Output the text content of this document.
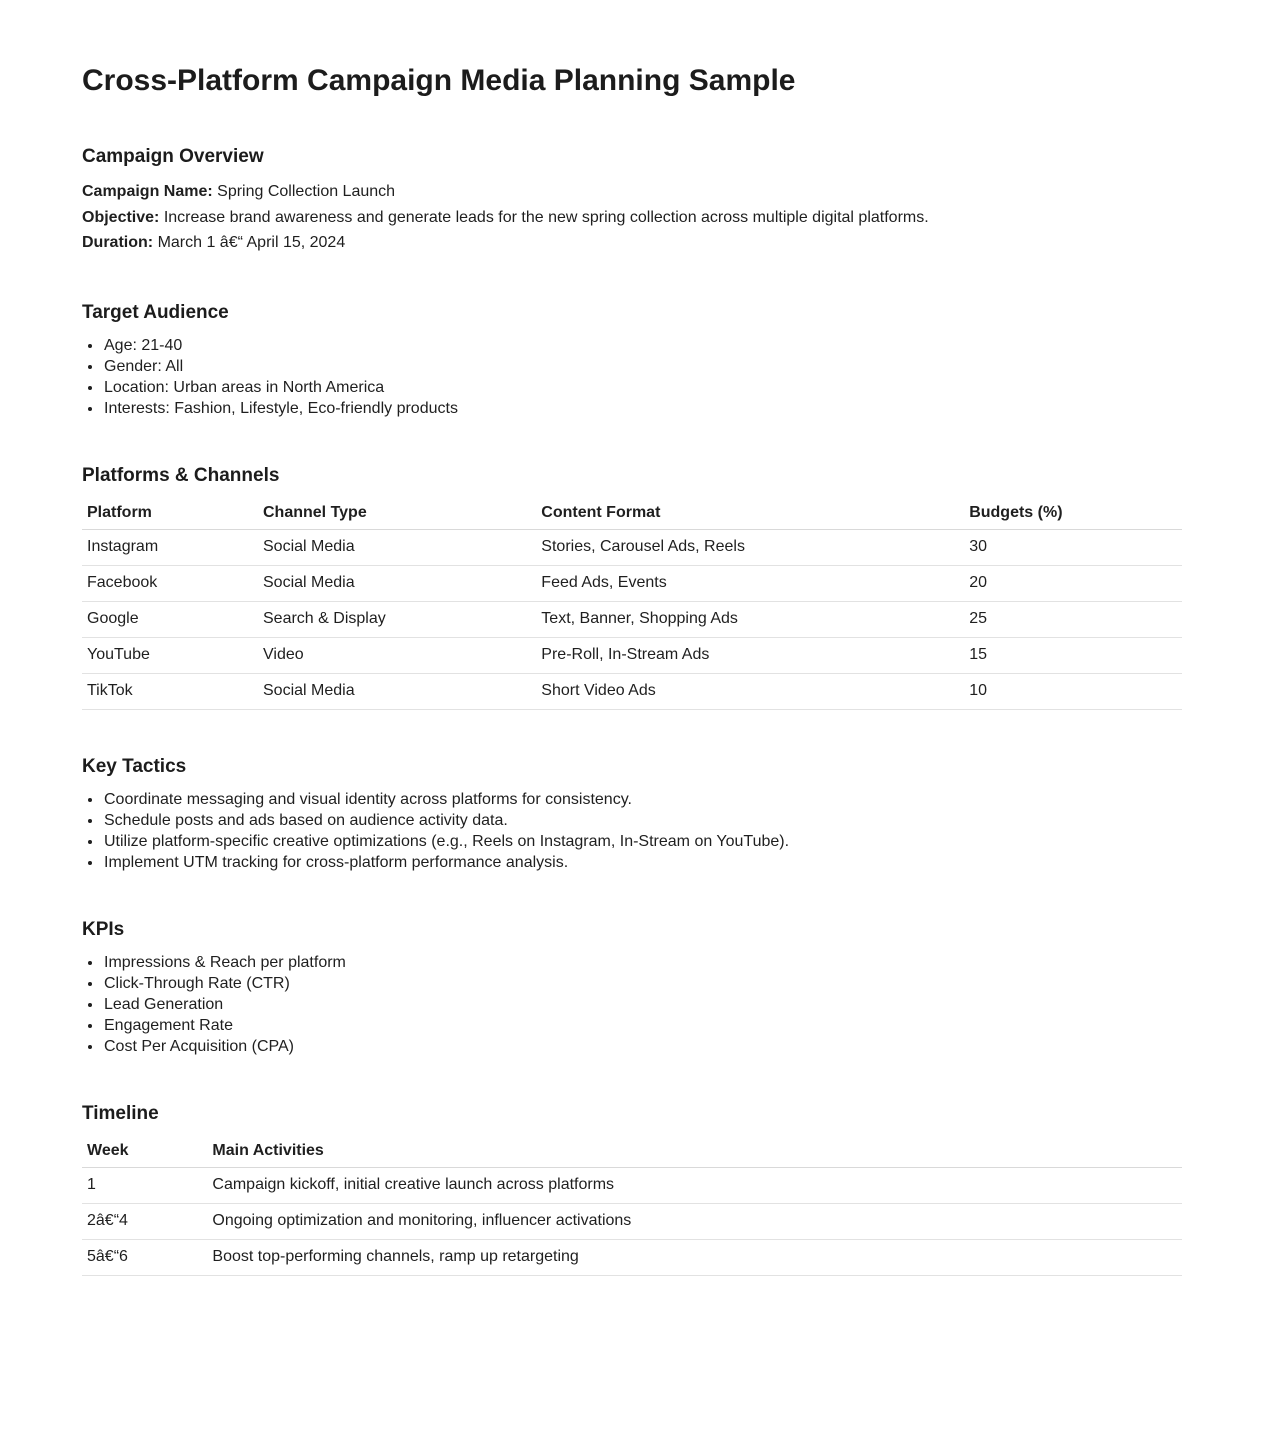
Cross-Platform Campaign Media Planning Sample
Campaign Overview

Campaign Name: Spring Collection Launch

Objective: Increase brand awareness and generate leads for the new spring collection across multiple digital platforms.

Duration: March 1 â€“ April 15, 2024

Target Audience
• Age: 21-40
• Gender: All
• Location: Urban areas in North America
• Interests: Fashion, Lifestyle, Eco-friendly products
Platforms & Channels
Platform	Channel Type	Content Format	Budgets (%)
Instagram	Social Media	Stories, Carousel Ads, Reels	30
Facebook	Social Media	Feed Ads, Events	20
Google	Search & Display	Text, Banner, Shopping Ads	25
YouTube	Video	Pre-Roll, In-Stream Ads	15
TikTok	Social Media	Short Video Ads	10
Key Tactics
• Coordinate messaging and visual identity across platforms for consistency.
• Schedule posts and ads based on audience activity data.
• Utilize platform-specific creative optimizations (e.g., Reels on Instagram, In-Stream on YouTube).
• Implement UTM tracking for cross-platform performance analysis.
KPIs
• Impressions & Reach per platform
• Click-Through Rate (CTR)
• Lead Generation
• Engagement Rate
• Cost Per Acquisition (CPA)
Timeline
Week	Main Activities
1	Campaign kickoff, initial creative launch across platforms
2â€“4	Ongoing optimization and monitoring, influencer activations
5â€“6	Boost top-performing channels, ramp up retargeting
